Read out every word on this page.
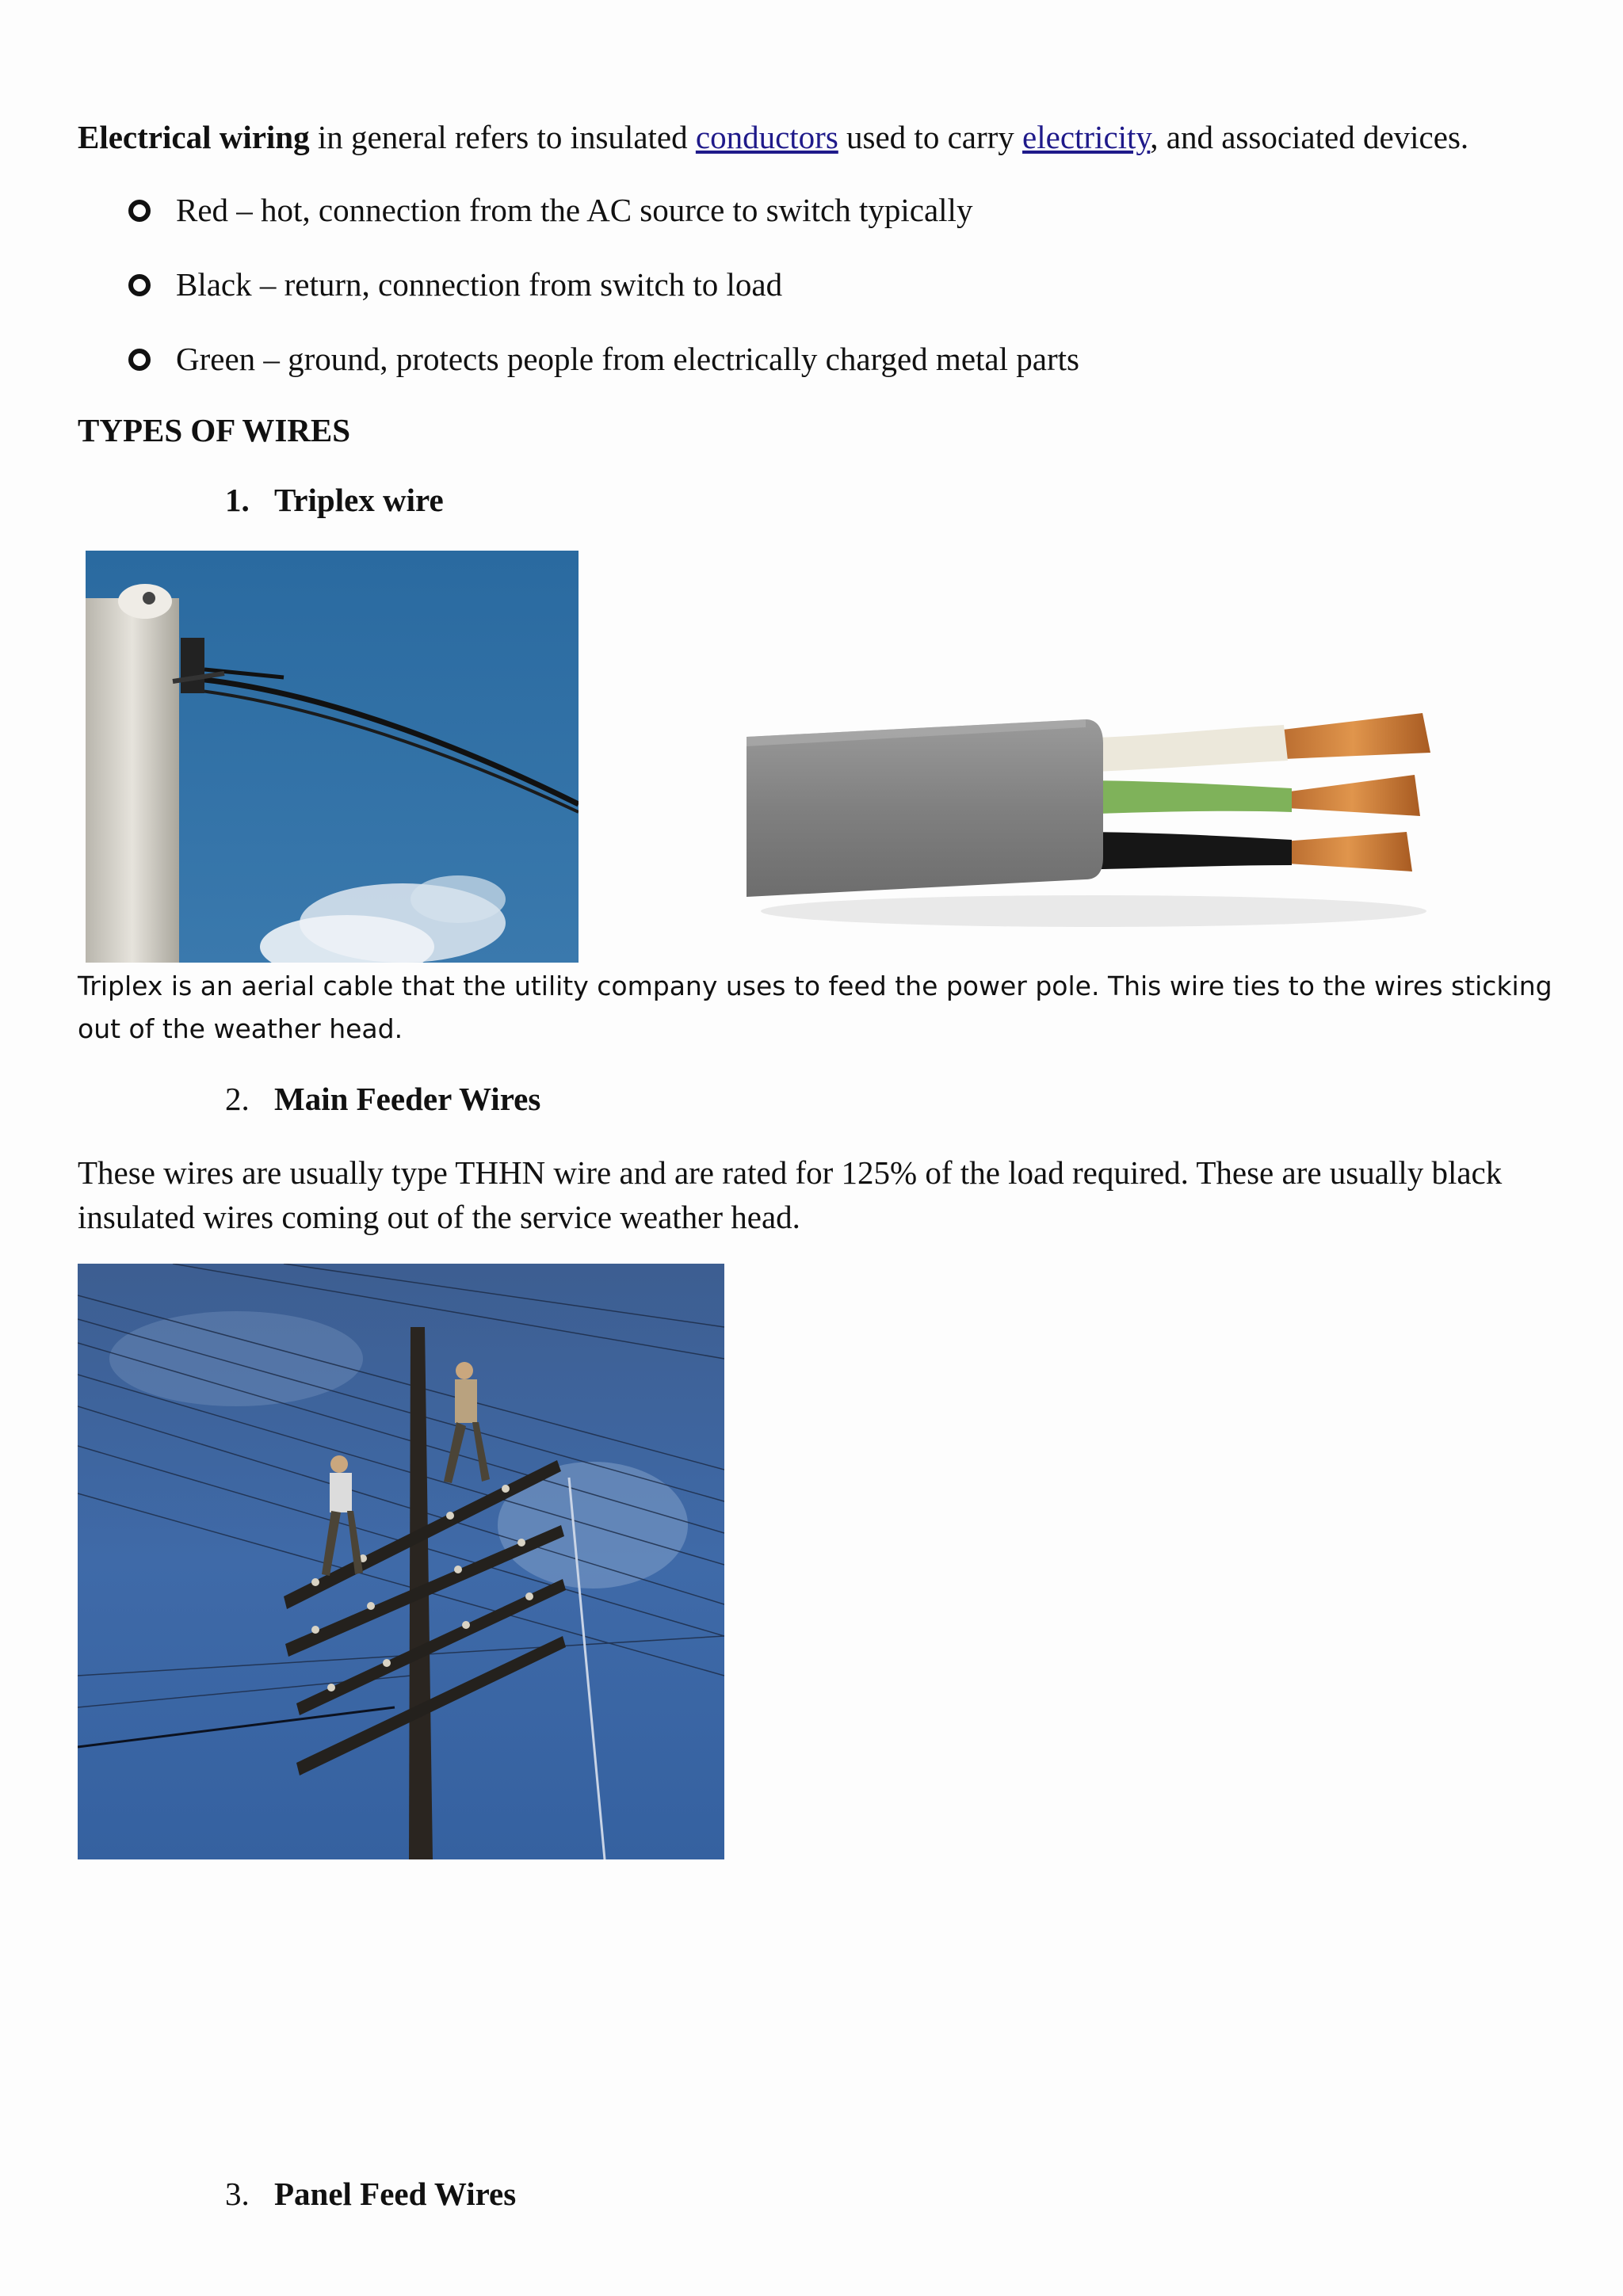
Electrical wiring in general refers to insulated conductors used to carry electricity, and associated devices.
Red – hot, connection from the AC source to switch typically
Black – return, connection from switch to load
Green – ground, protects people from electrically charged metal parts
TYPES OF WIRES
1. Triplex wire
Triplex is an aerial cable that the utility company uses to feed the power pole. This wire ties to the wires sticking out of the weather head.
2. Main Feeder Wires
These wires are usually type THHN wire and are rated for 125% of the load required. These are usually black insulated wires coming out of the service weather head.
3. Panel Feed Wires
